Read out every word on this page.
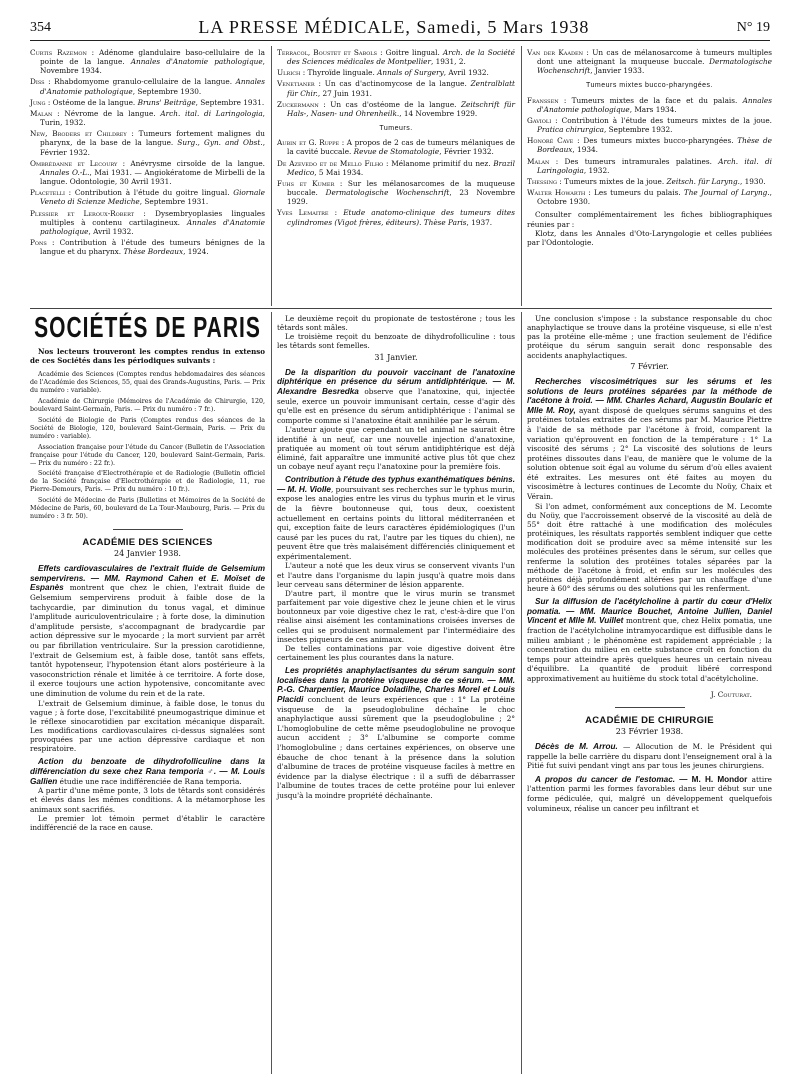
354	LA PRESSE MÉDICALE, Samedi, 5 Mars 1938	N° 19

Curtis Razemon : Adénome glandulaire baso-cellulaire de la pointe de la langue. Annales d'Anatomie pathologique, Novembre 1934.

Diss : Rhabdomyome granulo-cellulaire de la langue. Annales d'Anatomie pathologique, Septembre 1930.

Jung : Ostéome de la langue. Bruns' Beiträge, Septembre 1931.

Malan : Névrome de la langue. Arch. ital. di Laringologia, Turin, 1932.

New, Broders et Childrey : Tumeurs fortement malignes du pharynx, de la base de la langue. Surg., Gyn. and Obst., Février 1932.

Ombrédanne et Lecoury : Anévrysme cirsoïde de la langue. Annales O.-L., Mai 1931. — Angiokératome de Mirbelli de la langue. Odontologie, 30 Avril 1931.

Placetelli : Contribution à l'étude du goitre lingual. Giornale Veneto di Scienze Mediche, Septembre 1931.

Plessier et Leroux-Robert : Dysembryoplasies linguales multiples à contenu cartilagineux. Annales d'Anatomie pathologique, Avril 1932.

Pons : Contribution à l'étude des tumeurs bénignes de la langue et du pharynx. Thèse Bordeaux, 1924.

Terracol, Boustet et Sabols : Goitre lingual. Arch. de la Société des Sciences médicales de Montpellier, 1931, 2.

Ulrich : Thyroïde linguale. Annals of Surgery, Avril 1932.

Venetianer : Un cas d'actinomycose de la langue. Zentralblatt für Chir., 27 Juin 1931.

Zuckermann : Un cas d'ostéome de la langue. Zeitschrift für Hals-, Nasen- und Ohrenheilk., 14 Novembre 1929.

Tumeurs.

Aubin et G. Ruppe : A propos de 2 cas de tumeurs mélaniques de la cavité buccale. Revue de Stomatologie, Février 1932.

De Azevedo et de Mello Filho : Mélanome primitif du nez. Brazil Medico, 5 Mai 1934.

Fuhs et Kumer : Sur les mélanosarcomes de la muqueuse buccale. Dermatologische Wochenschrift, 23 Novembre 1929.

Yves Lemaitre : Etude anatomo-clinique des tumeurs dites cylindromes (Vigot frères, éditeurs). Thèse Paris, 1937.

Van der Kaaden : Un cas de mélanosarcome à tumeurs multiples dont une atteignant la muqueuse buccale. Dermatologische Wochenschrift, Janvier 1933.

Tumeurs mixtes bucco-pharyngées.

Franssen : Tumeurs mixtes de la face et du palais. Annales d'Anatomie pathologique, Mars 1934.

Gavioli : Contribution à l'étude des tumeurs mixtes de la joue. Pratica chirurgica, Septembre 1932.

Honoré Cave : Des tumeurs mixtes bucco-pharyngées. Thèse de Bordeaux, 1934.

Malan : Des tumeurs intramurales palatines. Arch. ital. di Laringologia, 1932.

Thessing : Tumeurs mixtes de la joue. Zeitsch. für Laryng., 1930.

Walter Howarth : Les tumeurs du palais. The Journal of Laryng., Octobre 1930.

Consulter complémentairement les fiches bibliographiques réunies par :

Klotz, dans les Annales d'Oto-Laryngologie et celles publiées par l'Odontologie.

SOCIÉTÉS DE PARIS

Nos lecteurs trouveront les comptes rendus in extenso de ces Sociétés dans les périodiques suivants :

Académie des Sciences (Comptes rendus hebdomadaires des séances de l'Académie des Sciences, 55, quai des Grands-Augustins, Paris. — Prix du numéro : variable).

Académie de Chirurgie (Mémoires de l'Académie de Chirurgie, 120, boulevard Saint-Germain, Paris. — Prix du numéro : 7 fr.).

Société de Biologie de Paris (Comptes rendus des séances de la Société de Biologie, 120, boulevard Saint-Germain, Paris. — Prix du numéro : variable).

Association française pour l'étude du Cancer (Bulletin de l'Association française pour l'étude du Cancer, 120, boulevard Saint-Germain, Paris. — Prix du numéro : 22 fr.).

Société française d'Electrothérapie et de Radiologie (Bulletin officiel de la Société française d'Electrothérapie et de Radiologie, 11, rue Pierre-Demours, Paris. — Prix du numéro : 10 fr.).

Société de Médecine de Paris (Bulletins et Mémoires de la Société de Médecine de Paris, 60, boulevard de La Tour-Maubourg, Paris. — Prix du numéro : 3 fr. 50).

ACADÉMIE DES SCIENCES
24 Janvier 1938.

Effets cardiovasculaires de l'extrait fluide de Gelsemium sempervirens. — MM. Raymond Cahen et E. Moïset de Espanès montrent que chez le chien, l'extrait fluide de Gelsemium sempervirens produit à faible dose de la tachycardie, par diminution du tonus vagal, et diminue l'amplitude auriculoventriculaire ; à forte dose, la diminution d'amplitude persiste, s'accompagnant de bradycardie par action dépressive sur le myocarde ; la mort survient par arrêt ou par fibrillation ventriculaire. Sur la pression carotidienne, l'extrait de Gelsemium est, à faible dose, tantôt sans effets, tantôt hypotenseur, l'hypotension étant alors postérieure à la vasoconstriction rénale et limitée à ce territoire. A forte dose, il exerce toujours une action hypotensive, concomitante avec une diminution de volume du rein et de la rate.

L'extrait de Gelsemium diminue, à faible dose, le tonus du vague ; à forte dose, l'excitabilité pneumogastrique diminue et le réflexe sinocarotidien par excitation mécanique disparaît. Les modifications cardiovasculaires ci-dessus signalées sont provoquées par une action dépressive cardiaque et non respiratoire.

Action du benzoate de dihydrofolliculine dans la différenciation du sexe chez Rana temporia ♂. — M. Louis Gallien étudie une race indifférenciée de Rana temporia.

A partir d'une même ponte, 3 lots de têtards sont considérés et élevés dans les mêmes conditions. A la métamorphose les animaux sont sacrifiés.

Le premier lot témoin permet d'établir le caractère indifférencié de la race en cause.

Le deuxième reçoit du propionate de testostérone ; tous les têtards sont mâles.

Le troisième reçoit du benzoate de dihydrofolliculine : tous les têtards sont femelles.

31 Janvier.

De la disparition du pouvoir vaccinant de l'anatoxine diphtérique en présence du sérum antidiphtérique. — M. Alexandre Besredka observe que l'anatoxine, qui, injectée seule, exerce un pouvoir immunisant certain, cesse d'agir dès qu'elle est en présence du sérum antidiphtérique : l'animal se comporte comme si l'anatoxine était annihilée par le sérum.

L'auteur ajoute que cependant un tel animal ne saurait être identifié à un neuf, car une nouvelle injection d'anatoxine, pratiquée au moment où tout sérum antidiphtérique est déjà éliminé, fait apparaître une immunité active plus tôt que chez un cobaye neuf ayant reçu l'anatoxine pour la première fois.

Contribution à l'étude des typhus exanthématiques bénins. — M. H. Violle, poursuivant ses recherches sur le typhus murin, expose les analogies entre les virus du typhus murin et le virus de la fièvre boutonneuse qui, tous deux, coexistent actuellement en certains points du littoral méditerranéen et qui, exception faite de leurs caractères épidémiologiques (l'un causé par les puces du rat, l'autre par les tiques du chien), ne peuvent être que très malaisément différenciés cliniquement et expérimentalement.

L'auteur a noté que les deux virus se conservent vivants l'un et l'autre dans l'organisme du lapin jusqu'à quatre mois dans leur cerveau sans déterminer de lésion apparente.

D'autre part, il montre que le virus murin se transmet parfaitement par voie digestive chez le jeune chien et le virus boutonneux par voie digestive chez le rat, c'est-à-dire que l'on réalise ainsi aisément les contaminations croisées inverses de celles qui se produisent normalement par l'intermédiaire des insectes piqueurs de ces animaux.

De telles contaminations par voie digestive doivent être certainement les plus courantes dans la nature.

Les propriétés anaphylactisantes du sérum sanguin sont localisées dans la protéine visqueuse de ce sérum. — MM. P.-G. Charpentier, Maurice Doladilhe, Charles Morel et Louis Placidi concluent de leurs expériences que : 1° La protéine visqueuse de la pseudoglobuline déchaîne le choc anaphylactique aussi sûrement que la pseudoglobuline ; 2° L'homoglobuline de cette même pseudoglobuline ne provoque aucun accident ; 3° L'albumine se comporte comme l'homoglobuline ; dans certaines expériences, on observe une ébauche de choc tenant à la présence dans la solution d'albumine de traces de protéine visqueuse faciles à mettre en évidence par la dialyse électrique : il a suffi de débarrasser l'albumine de toutes traces de cette protéine pour lui enlever jusqu'à la moindre propriété déchaînante.

Une conclusion s'impose : la substance responsable du choc anaphylactique se trouve dans la protéine visqueuse, si elle n'est pas la protéine elle-même ; une fraction seulement de l'édifice protéique du sérum sanguin serait donc responsable des accidents anaphylactiques.

7 Février.

Recherches viscosimétriques sur les sérums et les solutions de leurs protéines séparées par la méthode de l'acétone à froid. — MM. Charles Achard, Augustin Boularic et Mlle M. Roy, ayant disposé de quelques sérums sanguins et des protéines totales extraites de ces sérums par M. Maurice Piettre à l'aide de sa méthode par l'acétone à froid, comparent la variation qu'éprouvent en fonction de la température : 1° La viscosité des sérums ; 2° La viscosité des solutions de leurs protéines dissoutes dans l'eau, de manière que le volume de la solution obtenue soit égal au volume du sérum d'où elles avaient été extraites. Les mesures ont été faites au moyen du viscosimètre à lectures continues de Lecomte du Noüy, Chaix et Vérain.

Si l'on admet, conformément aux conceptions de M. Lecomte du Noüy, que l'accroissement observé de la viscosité au delà de 55° doit être rattaché à une modification des molécules protéiniques, les résultats rapportés semblent indiquer que cette modification doit se produire avec sa même intensité sur les molécules des protéines présentes dans le sérum, sur celles que renferme la solution des protéines totales séparées par la méthode de l'acétone à froid, et enfin sur les molécules des protéines déjà profondément altérées par un chauffage d'une heure à 60° des sérums ou des solutions qui les renferment.

Sur la diffusion de l'acétylcholine à partir du cœur d'Helix pomatia. — MM. Maurice Bouchet, Antoine Jullien, Daniel Vincent et Mlle M. Vuillet montrent que, chez Helix pomatia, une fraction de l'acétylcholine intramyocardique est diffusible dans le milieu ambiant ; le phénomène est rapidement appréciable ; la concentration du milieu en cette substance croît en fonction du temps pour atteindre après quelques heures un certain niveau d'équilibre. La quantité de produit libéré correspond approximativement au huitième du stock total d'acétylcholine.

J. Couturat.
ACADÉMIE DE CHIRURGIE
23 Février 1938.

Décès de M. Arrou. — Allocution de M. le Président qui rappelle la belle carrière du disparu dont l'enseignement oral à la Pitié fut suivi pendant vingt ans par tous les jeunes chirurgiens.

A propos du cancer de l'estomac. — M. H. Mondor attire l'attention parmi les formes favorables dans leur début sur une forme pédiculée, qui, malgré un développement quelquefois volumineux, réalise un cancer peu infiltrant et
